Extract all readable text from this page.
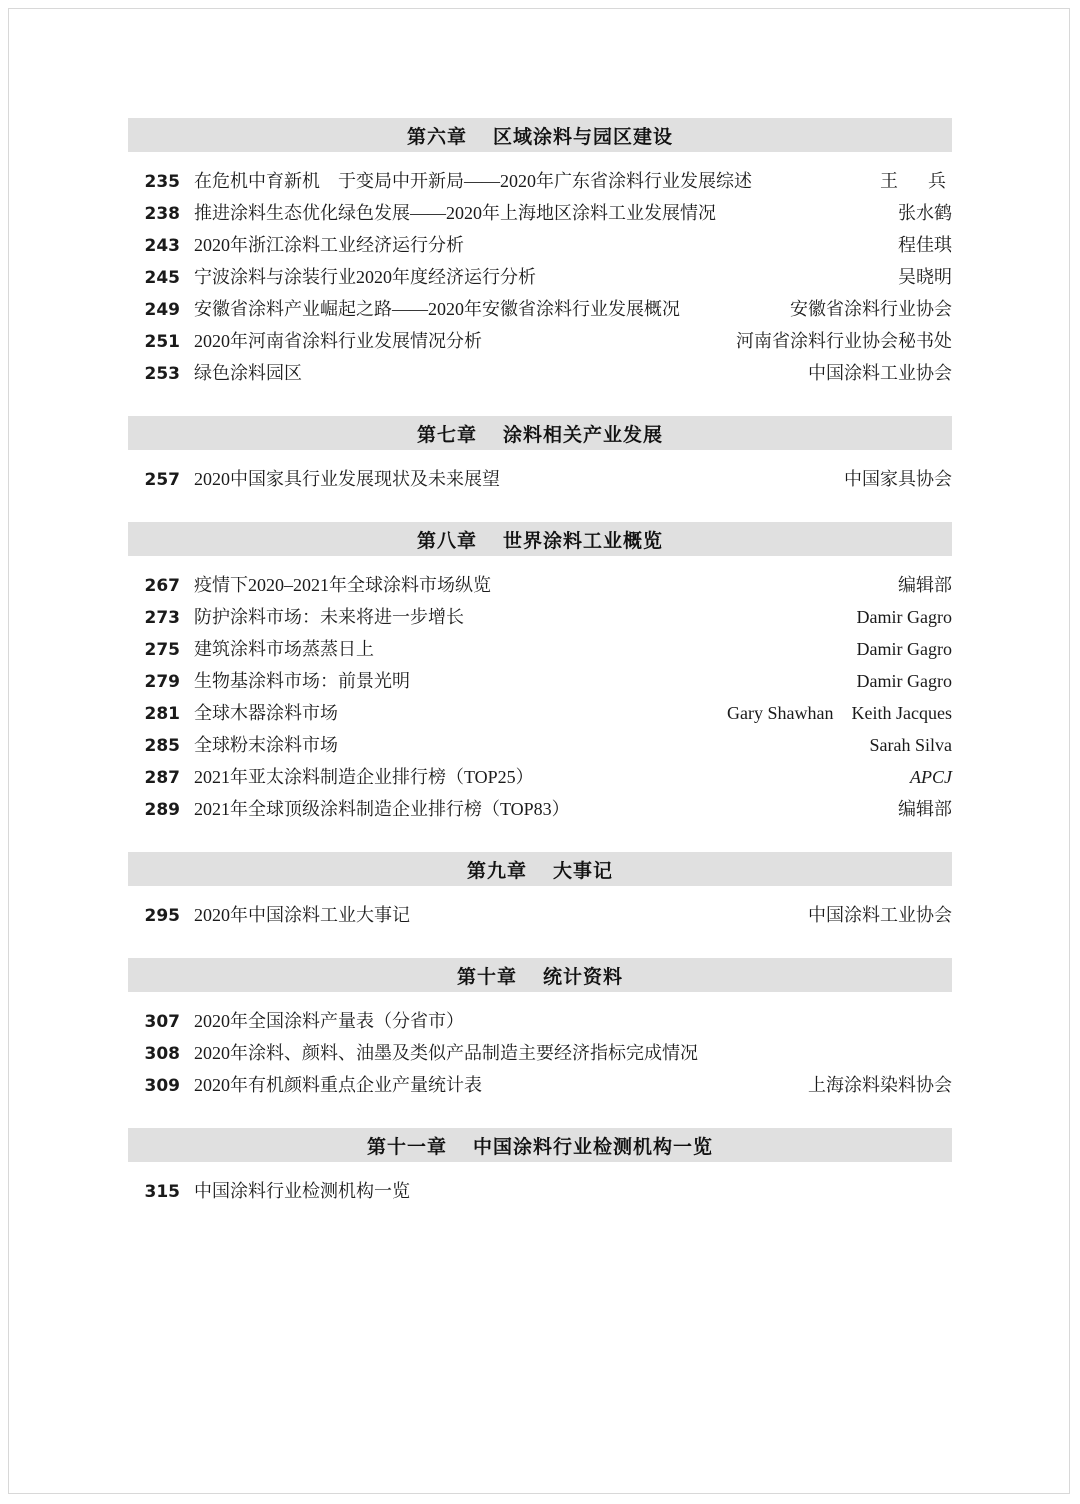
第六章 区域涂料与园区建设
235 在危机中育新机　于变局中开新局——2020年广东省涂料行业发展综述	王　兵
238 推进涂料生态优化绿色发展——2020年上海地区涂料工业发展情况	张水鹤
243 2020年浙江涂料工业经济运行分析	程佳琪
245 宁波涂料与涂装行业2020年度经济运行分析	吴晓明
249 安徽省涂料产业崛起之路——2020年安徽省涂料行业发展概况	安徽省涂料行业协会
251 2020年河南省涂料行业发展情况分析	河南省涂料行业协会秘书处
253 绿色涂料园区	中国涂料工业协会
第七章 涂料相关产业发展
257 2020中国家具行业发展现状及未来展望	中国家具协会
第八章 世界涂料工业概览
267 疫情下2020–2021年全球涂料市场纵览	编辑部
273 防护涂料市场：未来将进一步增长	Damir Gagro
275 建筑涂料市场蒸蒸日上	Damir Gagro
279 生物基涂料市场：前景光明	Damir Gagro
281 全球木器涂料市场	Gary Shawhan　Keith Jacques
285 全球粉末涂料市场	Sarah Silva
287 2021年亚太涂料制造企业排行榜（TOP25）	APCJ
289 2021年全球顶级涂料制造企业排行榜（TOP83）	编辑部
第九章 大事记
295 2020年中国涂料工业大事记	中国涂料工业协会
第十章 统计资料
307 2020年全国涂料产量表（分省市）
308 2020年涂料、颜料、油墨及类似产品制造主要经济指标完成情况
309 2020年有机颜料重点企业产量统计表	上海涂料染料协会
第十一章 中国涂料行业检测机构一览
315 中国涂料行业检测机构一览
